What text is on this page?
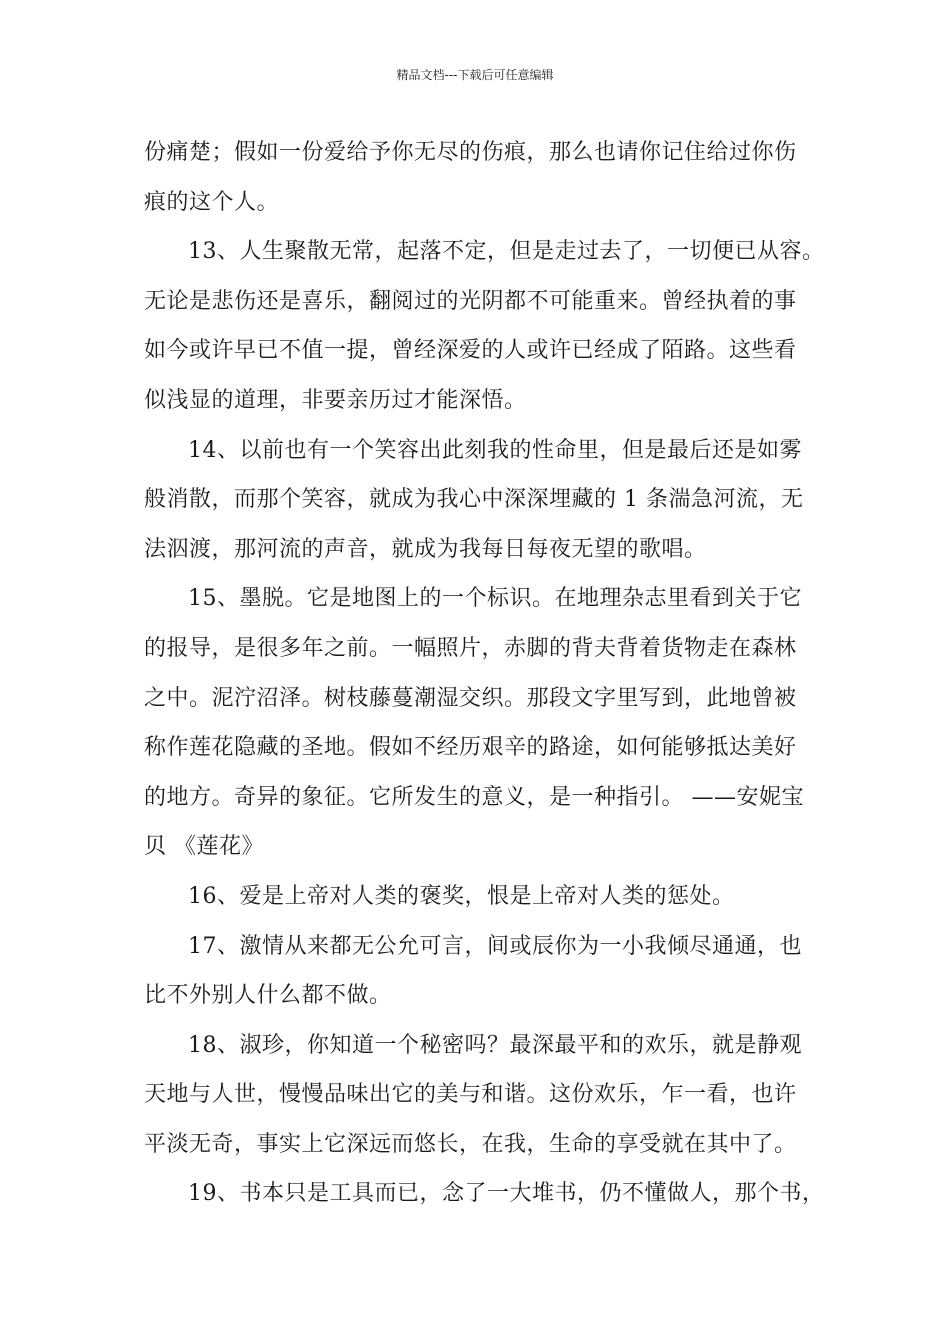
精品文档---下载后可任意编辑
份痛楚；假如一份爱给予你无尽的伤痕，那么也请你记住给过你伤
痕的这个人。
13、人生聚散无常，起落不定，但是走过去了，一切便已从容。
无论是悲伤还是喜乐，翻阅过的光阴都不可能重来。曾经执着的事
如今或许早已不值一提，曾经深爱的人或许已经成了陌路。这些看
似浅显的道理，非要亲历过才能深悟。
14、以前也有一个笑容出此刻我的性命里，但是最后还是如雾
般消散，而那个笑容，就成为我心中深深埋藏的 1 条湍急河流，无
法泅渡，那河流的声音，就成为我每日每夜无望的歌唱。
15、墨脱。它是地图上的一个标识。在地理杂志里看到关于它
的报导，是很多年之前。一幅照片，赤脚的背夫背着货物走在森林
之中。泥泞沼泽。树枝藤蔓潮湿交织。那段文字里写到，此地曾被
称作莲花隐藏的圣地。假如不经历艰辛的路途，如何能够抵达美好
的地方。奇异的象征。它所发生的意义，是一种指引。 ——安妮宝
贝 《莲花》
16、爱是上帝对人类的褒奖，恨是上帝对人类的惩处。
17、激情从来都无公允可言，间或辰你为一小我倾尽通通，也
比不外别人什么都不做。
18、淑珍，你知道一个秘密吗？最深最平和的欢乐，就是静观
天地与人世，慢慢品味出它的美与和谐。这份欢乐，乍一看，也许
平淡无奇，事实上它深远而悠长，在我，生命的享受就在其中了。
19、书本只是工具而已，念了一大堆书，仍不懂做人，那个书，
